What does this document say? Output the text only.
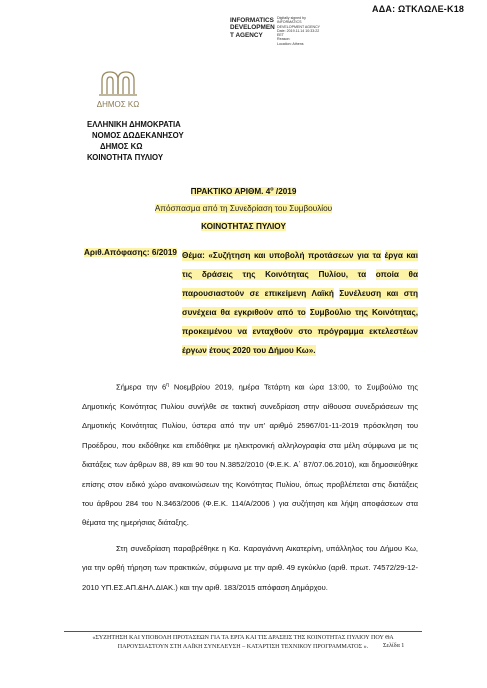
ΑΔΑ: ΩΤΚΛΩΛΕ-Κ18
INFORMATICS
DEVELOPMEN
T AGENCY
Digitally signed by
INFORMATICS
DEVELOPMENT AGENCY
Date: 2019.11.14 10:33:22
EET
Reason:
Location: Athens
ΔΗΜΟΣ ΚΩ
ΕΛΛΗΝΙΚΗ ΔΗΜΟΚΡΑΤΙΑ
ΝΟΜΟΣ ΔΩΔΕΚΑΝΗΣΟΥ
ΔΗΜΟΣ ΚΩ
ΚΟΙΝΟΤΗΤΑ ΠΥΛΙΟΥ
ΠΡΑΚΤΙΚΟ ΑΡΙΘΜ. $4^o$ /2019
Απόσπασμα από τη Συνεδρίαση του Συμβουλίου
ΚΟΙΝΟΤΗΤΑΣ ΠΥΛΙΟΥ
Αριθ.Απόφασης: 6/2019 Θέμα: «Συζήτηση και υποβολή προτάσεων για τα έργα και τις δράσεις της Κοινότητας Πυλίου, τα οποία θα παρουσιαστούν σε επικείμενη Λαϊκή Συνέλευση και στη συνέχεια θα εγκριθούν από το Συμβούλιο της Κοινότητας, προκειμένου να ενταχθούν στο πρόγραμμα εκτελεστέων έργων έτους 2020 του Δήμου Κω».

Σήμερα την $6^\eta$ Νοεμβρίου 2019, ημέρα Τετάρτη και ώρα 13:00, το Συμβούλιο της Δημοτικής Κοινότητας Πυλίου συνήλθε σε τακτική συνεδρίαση στην αίθουσα συνεδριάσεων της Δημοτικής Κοινότητας Πυλίου, ύστερα από την υπ' αριθμό 25967/01-11-2019 πρόσκληση του Προέδρου, που εκδόθηκε και επιδόθηκε με ηλεκτρονική αλληλογραφία στα μέλη σύμφωνα με τις διατάξεις των άρθρων 88, 89 και 90 του Ν.3852/2010 (Φ.Ε.Κ. Α΄ 87/07.06.2010), και δημοσιεύθηκε επίσης στον ειδικό χώρο ανακοινώσεων της Κοινότητας Πυλίου, όπως προβλέπεται στις διατάξεις του άρθρου 284 του Ν.3463/2006 (Φ.Ε.Κ. 114/Α/2006 ) για συζήτηση και λήψη αποφάσεων στα θέματα της ημερήσιας διάταξης.

Στη συνεδρίαση παραβρέθηκε η Κα. Καραγιάννη Αικατερίνη, υπάλληλος του Δήμου Κω, για την ορθή τήρηση των πρακτικών, σύμφωνα με την αριθ. 49 εγκύκλιο (αριθ. πρωτ. 74572/29-12-2010 ΥΠ.ΕΣ.ΑΠ.&ΗΛ.ΔΙΑΚ.) και την αριθ. 183/2015 απόφαση Δημάρχου.

«ΣΥΖΗΤΗΣΗ ΚΑΙ ΥΠΟΒΟΛΗ ΠΡΟΤΑΣΕΩΝ ΓΙΑ ΤΑ ΕΡΓΑ ΚΑΙ ΤΙΣ ΔΡΑΣΕΙΣ ΤΗΣ ΚΟΙΝΟΤΗΤΑΣ ΠΥΛΙΟΥ ΠΟΥ ΘΑ
ΠΑΡΟΥΣΙΑΣΤΟΥΝ ΣΤΗ ΛΑΪΚΗ ΣΥΝΕΛΕΥΣΗ – ΚΑΤΑΡΤΙΣΗ ΤΕΧΝΙΚΟΥ ΠΡΟΓΡΑΜΜΑΤΟΣ ».	Σελίδα 1
